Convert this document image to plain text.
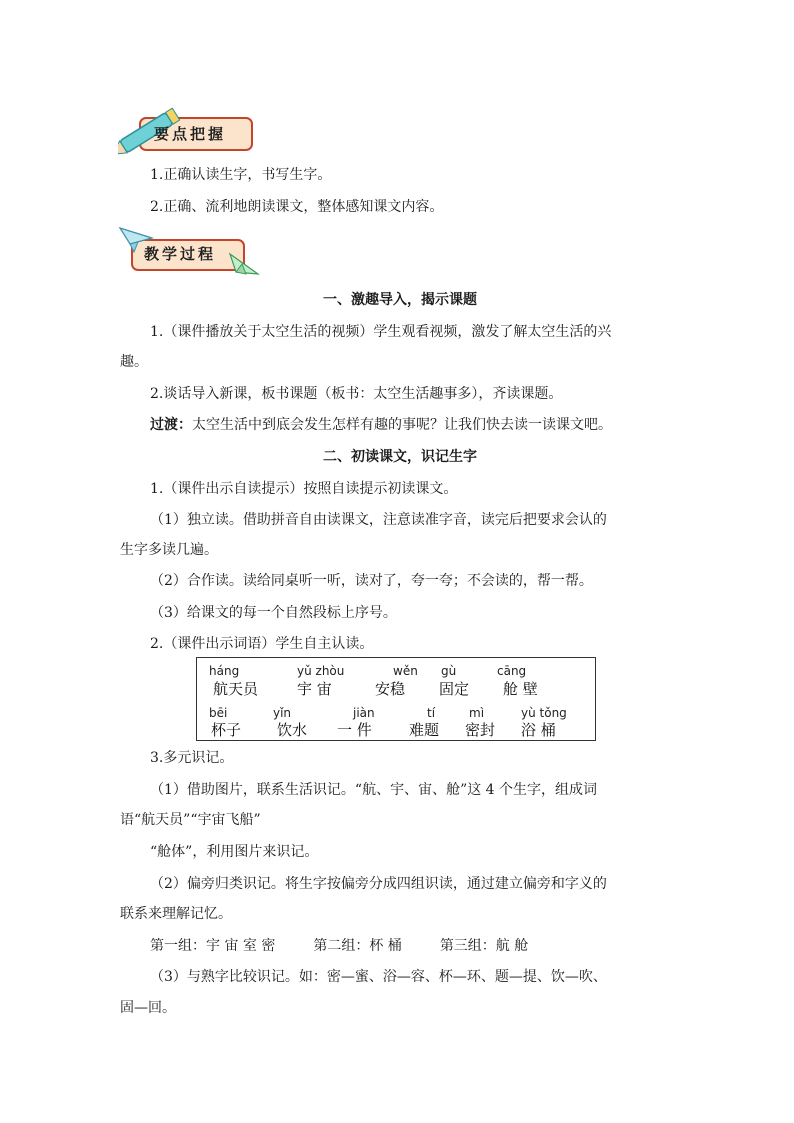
要点把握
1.正确认读生字，书写生字。
2.正确、流利地朗读课文，整体感知课文内容。
教学过程
一、激趣导入，揭示课题
1.（课件播放关于太空生活的视频）学生观看视频，激发了解太空生活的兴
趣。
2.谈话导入新课，板书课题（板书：太空生活趣事多），齐读课题。
过渡：太空生活中到底会发生怎样有趣的事呢？让我们快去读一读课文吧。
二、初读课文，识记生字
1.（课件出示自读提示）按照自读提示初读课文。
（1）独立读。借助拼音自由读课文，注意读准字音，读完后把要求会认的
生字多读几遍。
（2）合作读。读给同桌听一听，读对了，夸一夸；不会读的，帮一帮。
（3）给课文的每一个自然段标上序号。
2.（课件出示词语）学生自主认读。
háng
航天员
yǔ zhòu
宇 宙
wěn
安稳
gù
固定
cāng
舱 壁
bēi
杯子
yǐn
饮水
jiàn
一 件
tí
难题
mì
密封
yù tǒng
浴 桶
3.多元识记。
（1）借助图片，联系生活识记。“航、宇、宙、舱”这 4 个生字，组成词
语“航天员”“宇宙飞船”
“舱体”，利用图片来识记。
（2）偏旁归类识记。将生字按偏旁分成四组识读，通过建立偏旁和字义的
联系来理解记忆。
第一组：宇 宙 室 密	第二组：杯 桶	第三组：航 舱
（3）与熟字比较识记。如：密—蜜、浴—容、杯—环、题—提、饮—吹、
固—回。
